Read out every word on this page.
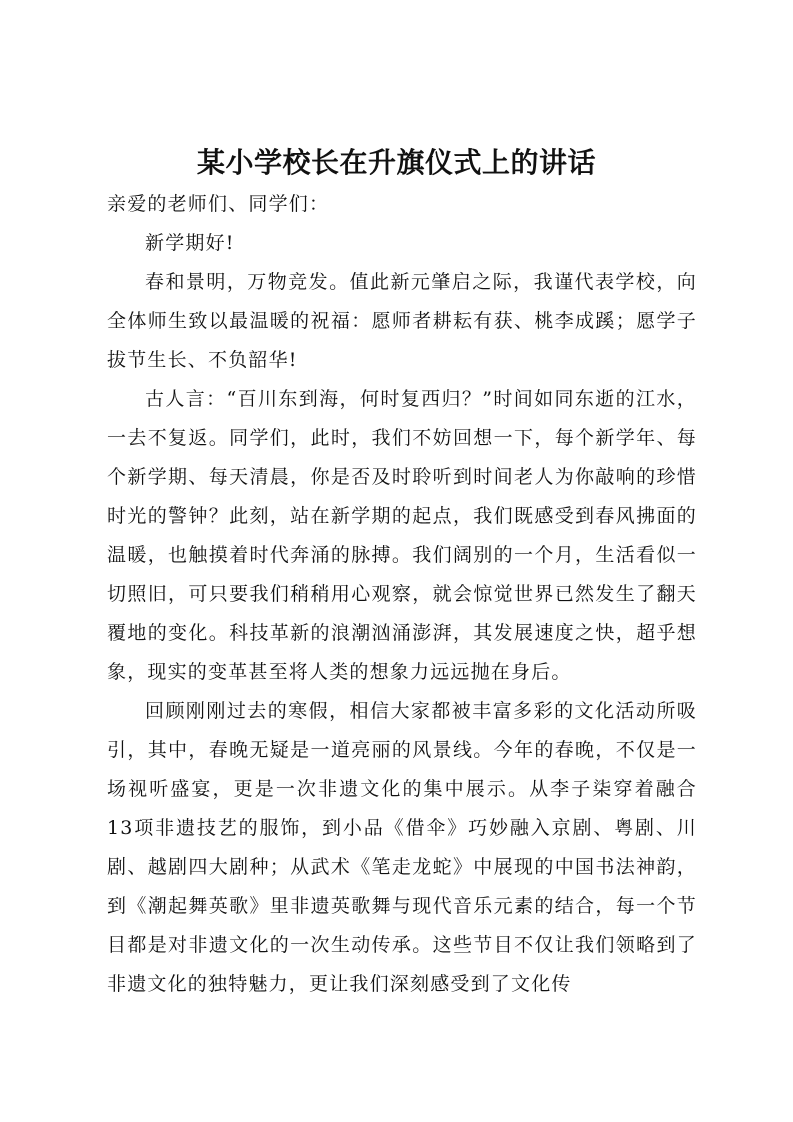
某小学校长在升旗仪式上的讲话

亲爱的老师们、同学们：

新学期好!

春和景明，万物竞发。值此新元肇启之际，我谨代表学校，向全体师生致以最温暖的祝福：愿师者耕耘有获、桃李成蹊；愿学子拔节生长、不负韶华!

古人言：“百川东到海，何时复西归？”时间如同东逝的江水，一去不复返。同学们，此时，我们不妨回想一下，每个新学年、每个新学期、每天清晨，你是否及时聆听到时间老人为你敲响的珍惜时光的警钟？此刻，站在新学期的起点，我们既感受到春风拂面的温暖，也触摸着时代奔涌的脉搏。我们阔别的一个月，生活看似一切照旧，可只要我们稍稍用心观察，就会惊觉世界已然发生了翻天覆地的变化。科技革新的浪潮汹涌澎湃，其发展速度之快，超乎想象，现实的变革甚至将人类的想象力远远抛在身后。

回顾刚刚过去的寒假，相信大家都被丰富多彩的文化活动所吸引，其中，春晚无疑是一道亮丽的风景线。今年的春晚，不仅是一场视听盛宴，更是一次非遗文化的集中展示。从李子柒穿着融合13项非遗技艺的服饰，到小品《借伞》巧妙融入京剧、粤剧、川剧、越剧四大剧种；从武术《笔走龙蛇》中展现的中国书法神韵，到《潮起舞英歌》里非遗英歌舞与现代音乐元素的结合，每一个节目都是对非遗文化的一次生动传承。这些节目不仅让我们领略到了非遗文化的独特魅力，更让我们深刻感受到了文化传
